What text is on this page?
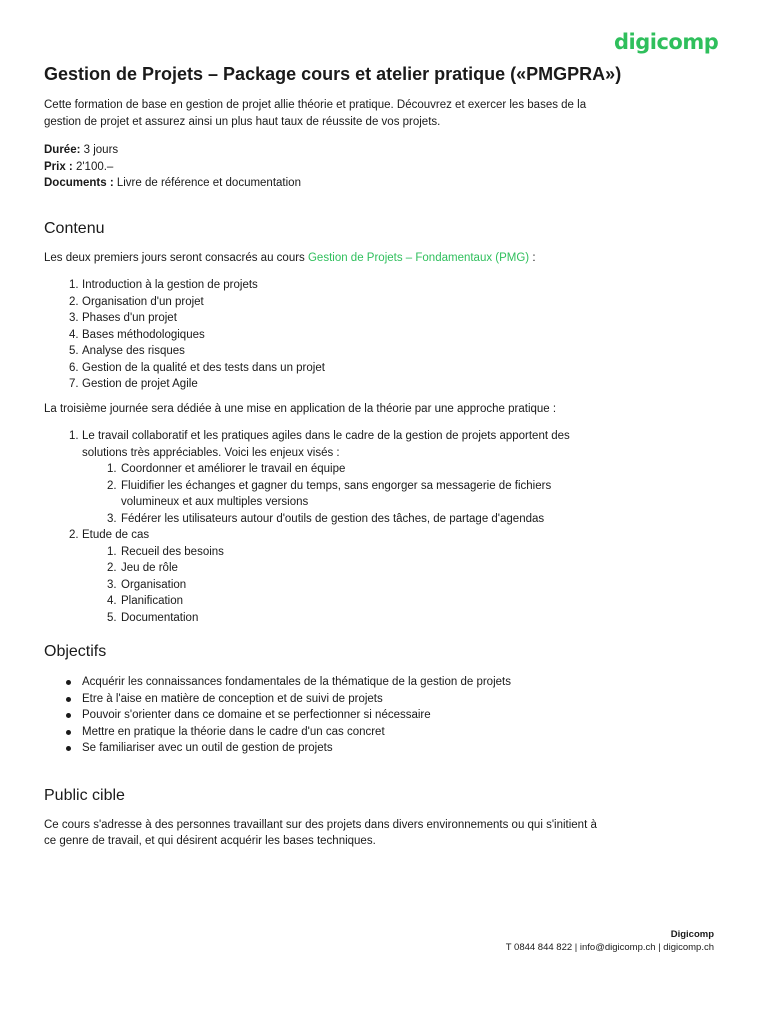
digicomp
Gestion de Projets – Package cours et atelier pratique («PMGPRA»)

Cette formation de base en gestion de projet allie théorie et pratique. Découvrez et exercer les bases de la gestion de projet et assurez ainsi un plus haut taux de réussite de vos projets.

Durée: 3 jours
Prix : 2'100.–
Documents : Livre de référence et documentation
Contenu

Les deux premiers jours seront consacrés au cours Gestion de Projets – Fondamentaux (PMG) :

1. Introduction à la gestion de projets
2. Organisation d'un projet
3. Phases d'un projet
4. Bases méthodologiques
5. Analyse des risques
6. Gestion de la qualité et des tests dans un projet
7. Gestion de projet Agile

La troisième journée sera dédiée à une mise en application de la théorie par une approche pratique :

1. Le travail collaboratif et les pratiques agiles dans le cadre de la gestion de projets apportent des solutions très appréciables. Voici les enjeux visés :
1. Coordonner et améliorer le travail en équipe
2. Fluidifier les échanges et gagner du temps, sans engorger sa messagerie de fichiers volumineux et aux multiples versions
3. Fédérer les utilisateurs autour d'outils de gestion des tâches, de partage d'agendas
2. Etude de cas
1. Recueil des besoins
2. Jeu de rôle
3. Organisation
4. Planification
5. Documentation
Objectifs
Acquérir les connaissances fondamentales de la thématique de la gestion de projets
Etre à l'aise en matière de conception et de suivi de projets
Pouvoir s'orienter dans ce domaine et se perfectionner si nécessaire
Mettre en pratique la théorie dans le cadre d'un cas concret
Se familiariser avec un outil de gestion de projets
Public cible

Ce cours s'adresse à des personnes travaillant sur des projets dans divers environnements ou qui s'initient à ce genre de travail, et qui désirent acquérir les bases techniques.

Digicomp
T 0844 844 822 | info@digicomp.ch | digicomp.ch
